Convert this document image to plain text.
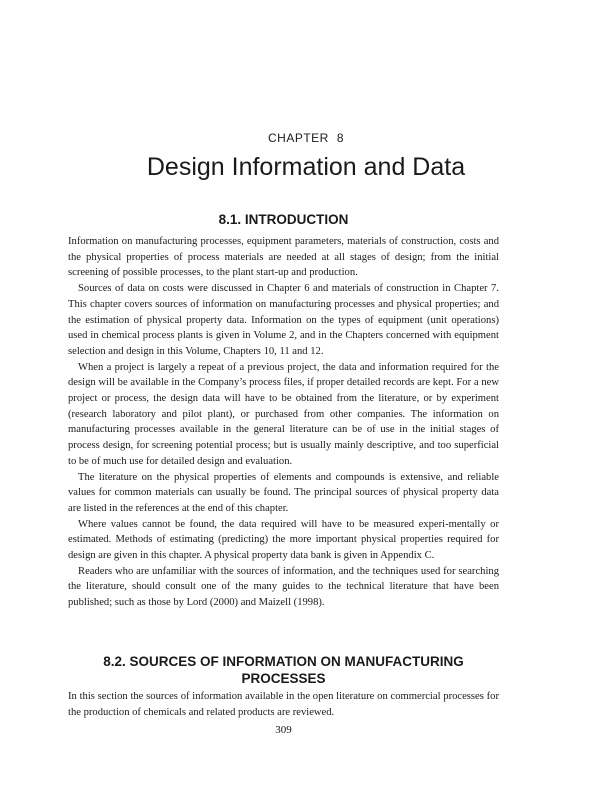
CHAPTER 8
Design Information and Data
8.1. INTRODUCTION

Information on manufacturing processes, equipment parameters, materials of construction, costs and the physical properties of process materials are needed at all stages of design; from the initial screening of possible processes, to the plant start-up and production.

Sources of data on costs were discussed in Chapter 6 and materials of construction in Chapter 7. This chapter covers sources of information on manufacturing processes and physical properties; and the estimation of physical property data. Information on the types of equipment (unit operations) used in chemical process plants is given in Volume 2, and in the Chapters concerned with equipment selection and design in this Volume, Chapters 10, 11 and 12.

When a project is largely a repeat of a previous project, the data and information required for the design will be available in the Company’s process files, if proper detailed records are kept. For a new project or process, the design data will have to be obtained from the literature, or by experiment (research laboratory and pilot plant), or purchased from other companies. The information on manufacturing processes available in the general literature can be of use in the initial stages of process design, for screening potential process; but is usually mainly descriptive, and too superficial to be of much use for detailed design and evaluation.

The literature on the physical properties of elements and compounds is extensive, and reliable values for common materials can usually be found. The principal sources of physical property data are listed in the references at the end of this chapter.

Where values cannot be found, the data required will have to be measured experi-mentally or estimated. Methods of estimating (predicting) the more important physical properties required for design are given in this chapter. A physical property data bank is given in Appendix C.

Readers who are unfamiliar with the sources of information, and the techniques used for searching the literature, should consult one of the many guides to the technical literature that have been published; such as those by Lord (2000) and Maizell (1998).

8.2. SOURCES OF INFORMATION ON MANUFACTURING
PROCESSES

In this section the sources of information available in the open literature on commercial processes for the production of chemicals and related products are reviewed.

309
